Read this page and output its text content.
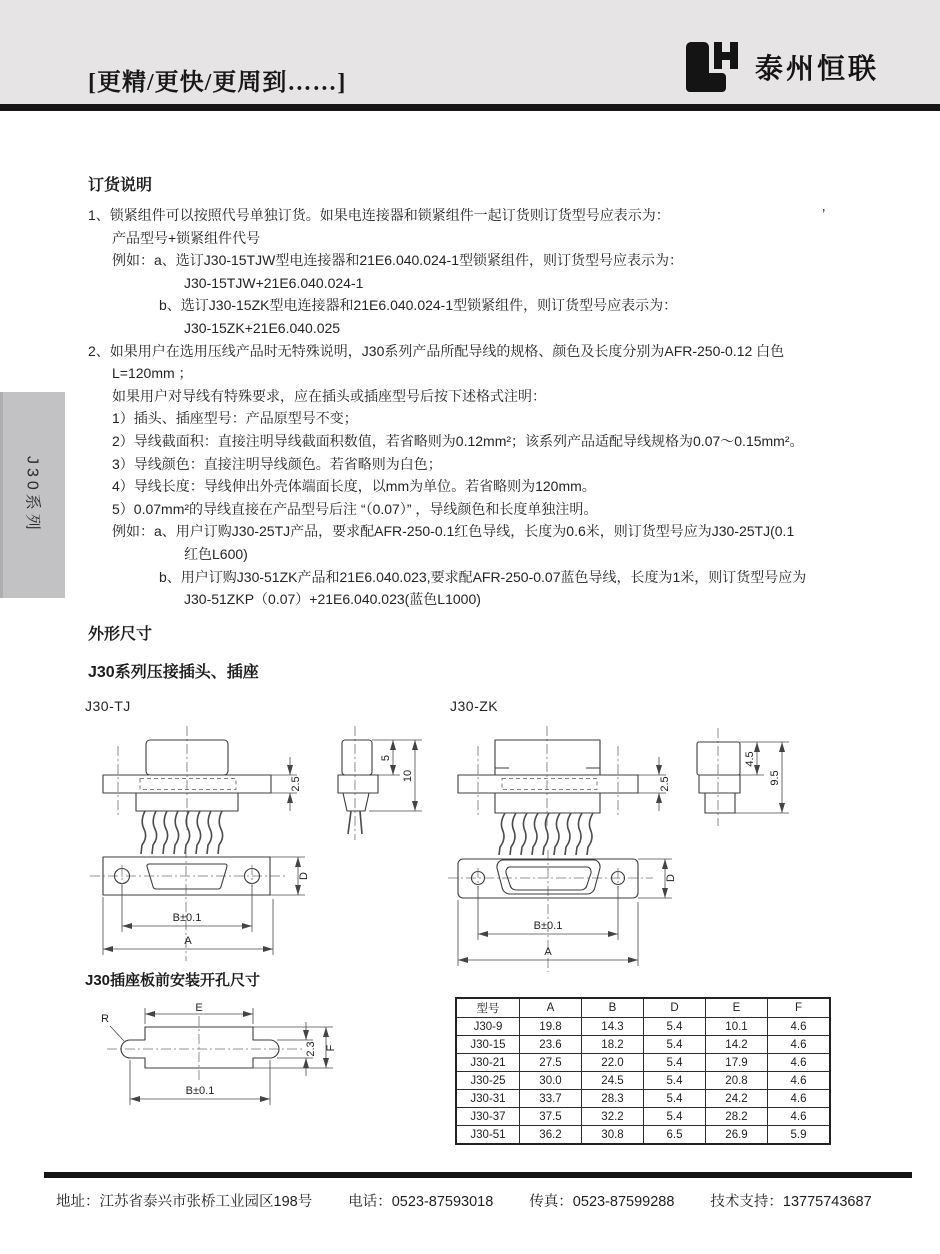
[更精/更快/更周到……]	泰州恒联
J30系列
订货说明
1、锁紧组件可以按照代号单独订货。如果电连接器和锁紧组件一起订货则订货型号应表示为：
产品型号+锁紧组件代号
例如：a、选订J30-15TJW型电连接器和21E6.040.024-1型锁紧组件，则订货型号应表示为：
J30-15TJW+21E6.040.024-1
b、选订J30-15ZK型电连接器和21E6.040.024-1型锁紧组件，则订货型号应表示为：
J30-15ZK+21E6.040.025
2、如果用户在选用压线产品时无特殊说明，J30系列产品所配导线的规格、颜色及长度分别为AFR-250-0.12 白色
L=120mm ；
如果用户对导线有特殊要求，应在插头或插座型号后按下述格式注明：
1）插头、插座型号：产品原型号不变；
2）导线截面积：直接注明导线截面积数值，若省略则为0.12mm²；该系列产品适配导线规格为0.07～0.15mm²。
3）导线颜色：直接注明导线颜色。若省略则为白色；
4）导线长度：导线伸出外壳体端面长度，以mm为单位。若省略则为120mm。
5）0.07mm²的导线直接在产品型号后注 “（0.07）” ，导线颜色和长度单独注明。
例如：a、用户订购J30-25TJ产品，要求配AFR-250-0.1红色导线，长度为0.6米，则订货型号应为J30-25TJ(0.1
红色L600)
b、用户订购J30-51ZK产品和21E6.040.023,要求配AFR-250-0.07蓝色导线，长度为1米，则订货型号应为
J30-51ZKP（0.07）+21E6.040.023(蓝色L1000)
’
外形尺寸
J30系列压接插头、插座
J30-TJ	J30-ZK
2.5
5
10
D
B±0.1
A
2.5
4.5
9.5
D
B±0.1
A
J30插座板前安装开孔尺寸
R
E
2.3 F
B±0.1
型号	A	B	D	E	F
J30-9	19.8	14.3	5.4	10.1	4.6
J30-15	23.6	18.2	5.4	14.2	4.6
J30-21	27.5	22.0	5.4	17.9	4.6
J30-25	30.0	24.5	5.4	20.8	4.6
J30-31	33.7	28.3	5.4	24.2	4.6
J30-37	37.5	32.2	5.4	28.2	4.6
J30-51	36.2	30.8	6.5	26.9	5.9
地址：江苏省泰兴市张桥工业园区198号 电话：0523-87593018 传真：0523-87599288 技术支持：13775743687
